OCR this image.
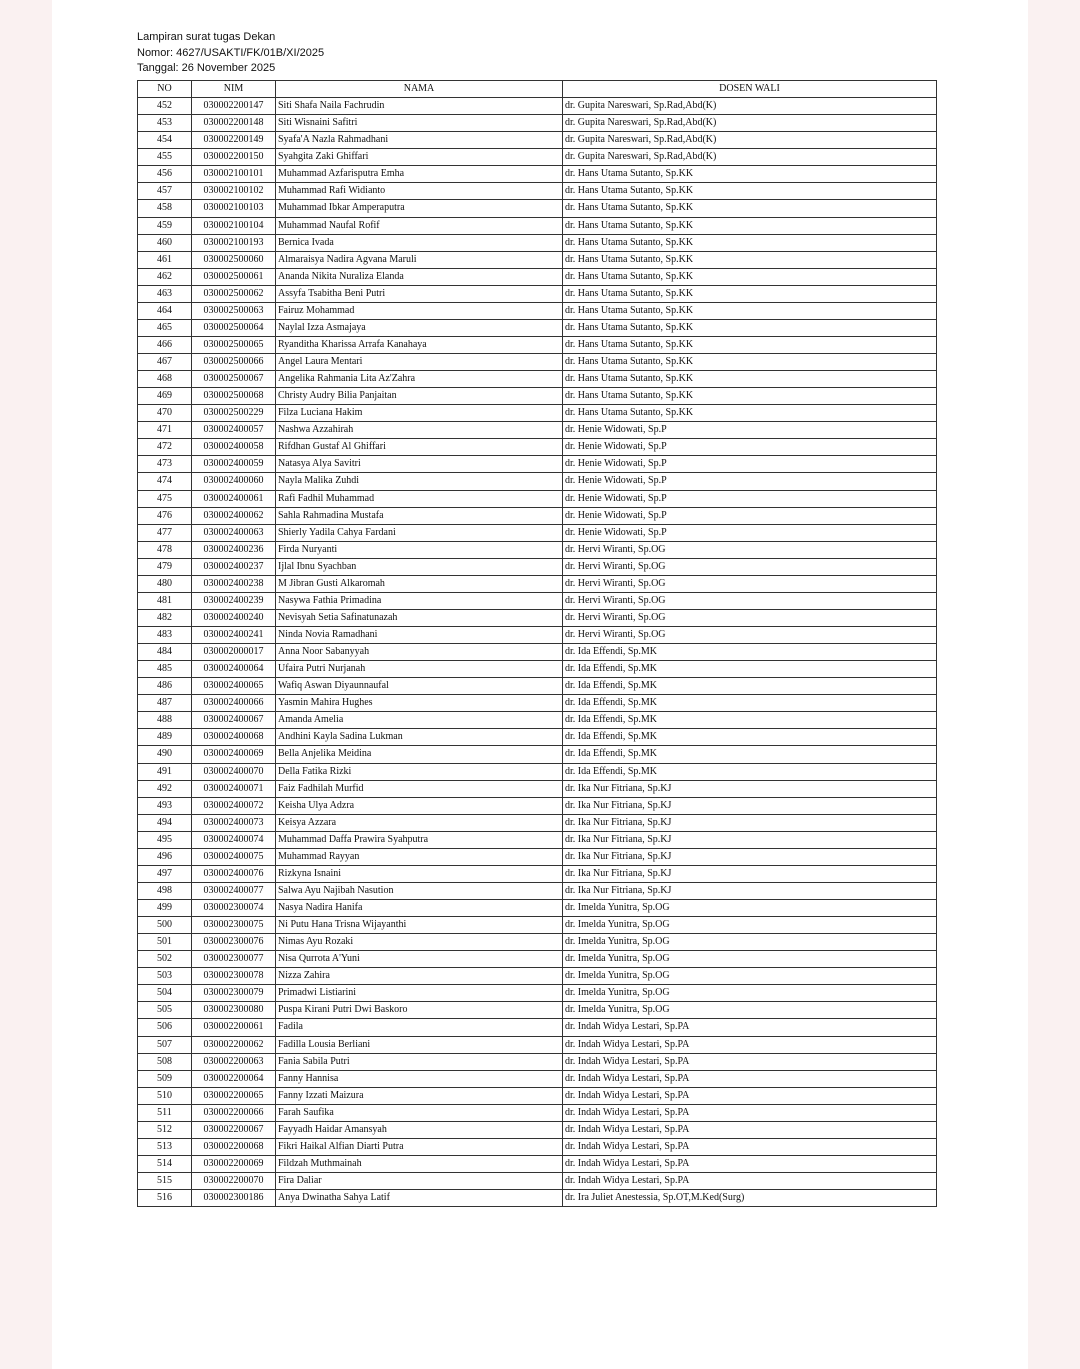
Lampiran surat tugas Dekan
Nomor: 4627/USAKTI/FK/01B/XI/2025
Tanggal: 26 November 2025
NO	NIM	NAMA	DOSEN WALI
452	030002200147	Siti Shafa Naila Fachrudin	dr. Gupita Nareswari, Sp.Rad,Abd(K)
453	030002200148	Siti Wisnaini Safitri	dr. Gupita Nareswari, Sp.Rad,Abd(K)
454	030002200149	Syafa'A Nazla Rahmadhani	dr. Gupita Nareswari, Sp.Rad,Abd(K)
455	030002200150	Syahgita Zaki Ghiffari	dr. Gupita Nareswari, Sp.Rad,Abd(K)
456	030002100101	Muhammad Azfarisputra Emha	dr. Hans Utama Sutanto, Sp.KK
457	030002100102	Muhammad Rafi Widianto	dr. Hans Utama Sutanto, Sp.KK
458	030002100103	Muhammad Ibkar Amperaputra	dr. Hans Utama Sutanto, Sp.KK
459	030002100104	Muhammad Naufal Rofif	dr. Hans Utama Sutanto, Sp.KK
460	030002100193	Bernica Ivada	dr. Hans Utama Sutanto, Sp.KK
461	030002500060	Almaraisya Nadira Agvana Maruli	dr. Hans Utama Sutanto, Sp.KK
462	030002500061	Ananda Nikita Nuraliza Elanda	dr. Hans Utama Sutanto, Sp.KK
463	030002500062	Assyfa Tsabitha Beni Putri	dr. Hans Utama Sutanto, Sp.KK
464	030002500063	Fairuz Mohammad	dr. Hans Utama Sutanto, Sp.KK
465	030002500064	Naylal Izza Asmajaya	dr. Hans Utama Sutanto, Sp.KK
466	030002500065	Ryanditha Kharissa Arrafa Kanahaya	dr. Hans Utama Sutanto, Sp.KK
467	030002500066	Angel Laura Mentari	dr. Hans Utama Sutanto, Sp.KK
468	030002500067	Angelika Rahmania Lita Az'Zahra	dr. Hans Utama Sutanto, Sp.KK
469	030002500068	Christy Audry Bilia Panjaitan	dr. Hans Utama Sutanto, Sp.KK
470	030002500229	Filza Luciana Hakim	dr. Hans Utama Sutanto, Sp.KK
471	030002400057	Nashwa Azzahirah	dr. Henie Widowati, Sp.P
472	030002400058	Rifdhan Gustaf Al Ghiffari	dr. Henie Widowati, Sp.P
473	030002400059	Natasya Alya Savitri	dr. Henie Widowati, Sp.P
474	030002400060	Nayla Malika Zuhdi	dr. Henie Widowati, Sp.P
475	030002400061	Rafi Fadhil Muhammad	dr. Henie Widowati, Sp.P
476	030002400062	Sahla Rahmadina Mustafa	dr. Henie Widowati, Sp.P
477	030002400063	Shierly Yadila Cahya Fardani	dr. Henie Widowati, Sp.P
478	030002400236	Firda Nuryanti	dr. Hervi Wiranti, Sp.OG
479	030002400237	Ijlal Ibnu Syachban	dr. Hervi Wiranti, Sp.OG
480	030002400238	M Jibran Gusti Alkaromah	dr. Hervi Wiranti, Sp.OG
481	030002400239	Nasywa Fathia Primadina	dr. Hervi Wiranti, Sp.OG
482	030002400240	Nevisyah Setia Safinatunazah	dr. Hervi Wiranti, Sp.OG
483	030002400241	Ninda Novia Ramadhani	dr. Hervi Wiranti, Sp.OG
484	030002000017	Anna Noor Sabanyyah	dr. Ida Effendi, Sp.MK
485	030002400064	Ufaira Putri Nurjanah	dr. Ida Effendi, Sp.MK
486	030002400065	Wafiq Aswan Diyaunnaufal	dr. Ida Effendi, Sp.MK
487	030002400066	Yasmin Mahira Hughes	dr. Ida Effendi, Sp.MK
488	030002400067	Amanda Amelia	dr. Ida Effendi, Sp.MK
489	030002400068	Andhini Kayla Sadina Lukman	dr. Ida Effendi, Sp.MK
490	030002400069	Bella Anjelika Meidina	dr. Ida Effendi, Sp.MK
491	030002400070	Della Fatika Rizki	dr. Ida Effendi, Sp.MK
492	030002400071	Faiz Fadhilah Murfid	dr. Ika Nur Fitriana, Sp.KJ
493	030002400072	Keisha Ulya Adzra	dr. Ika Nur Fitriana, Sp.KJ
494	030002400073	Keisya Azzara	dr. Ika Nur Fitriana, Sp.KJ
495	030002400074	Muhammad Daffa Prawira Syahputra	dr. Ika Nur Fitriana, Sp.KJ
496	030002400075	Muhammad Rayyan	dr. Ika Nur Fitriana, Sp.KJ
497	030002400076	Rizkyna Isnaini	dr. Ika Nur Fitriana, Sp.KJ
498	030002400077	Salwa Ayu Najibah Nasution	dr. Ika Nur Fitriana, Sp.KJ
499	030002300074	Nasya Nadira Hanifa	dr. Imelda Yunitra, Sp.OG
500	030002300075	Ni Putu Hana Trisna Wijayanthi	dr. Imelda Yunitra, Sp.OG
501	030002300076	Nimas Ayu Rozaki	dr. Imelda Yunitra, Sp.OG
502	030002300077	Nisa Qurrota A'Yuni	dr. Imelda Yunitra, Sp.OG
503	030002300078	Nizza Zahira	dr. Imelda Yunitra, Sp.OG
504	030002300079	Primadwi Listiarini	dr. Imelda Yunitra, Sp.OG
505	030002300080	Puspa Kirani Putri Dwi Baskoro	dr. Imelda Yunitra, Sp.OG
506	030002200061	Fadila	dr. Indah Widya Lestari, Sp.PA
507	030002200062	Fadilla Lousia Berliani	dr. Indah Widya Lestari, Sp.PA
508	030002200063	Fania Sabila Putri	dr. Indah Widya Lestari, Sp.PA
509	030002200064	Fanny Hannisa	dr. Indah Widya Lestari, Sp.PA
510	030002200065	Fanny Izzati Maizura	dr. Indah Widya Lestari, Sp.PA
511	030002200066	Farah Saufika	dr. Indah Widya Lestari, Sp.PA
512	030002200067	Fayyadh Haidar Amansyah	dr. Indah Widya Lestari, Sp.PA
513	030002200068	Fikri Haikal Alfian Diarti Putra	dr. Indah Widya Lestari, Sp.PA
514	030002200069	Fildzah Muthmainah	dr. Indah Widya Lestari, Sp.PA
515	030002200070	Fira Daliar	dr. Indah Widya Lestari, Sp.PA
516	030002300186	Anya Dwinatha Sahya Latif	dr. Ira Juliet Anestessia, Sp.OT,M.Ked(Surg)
